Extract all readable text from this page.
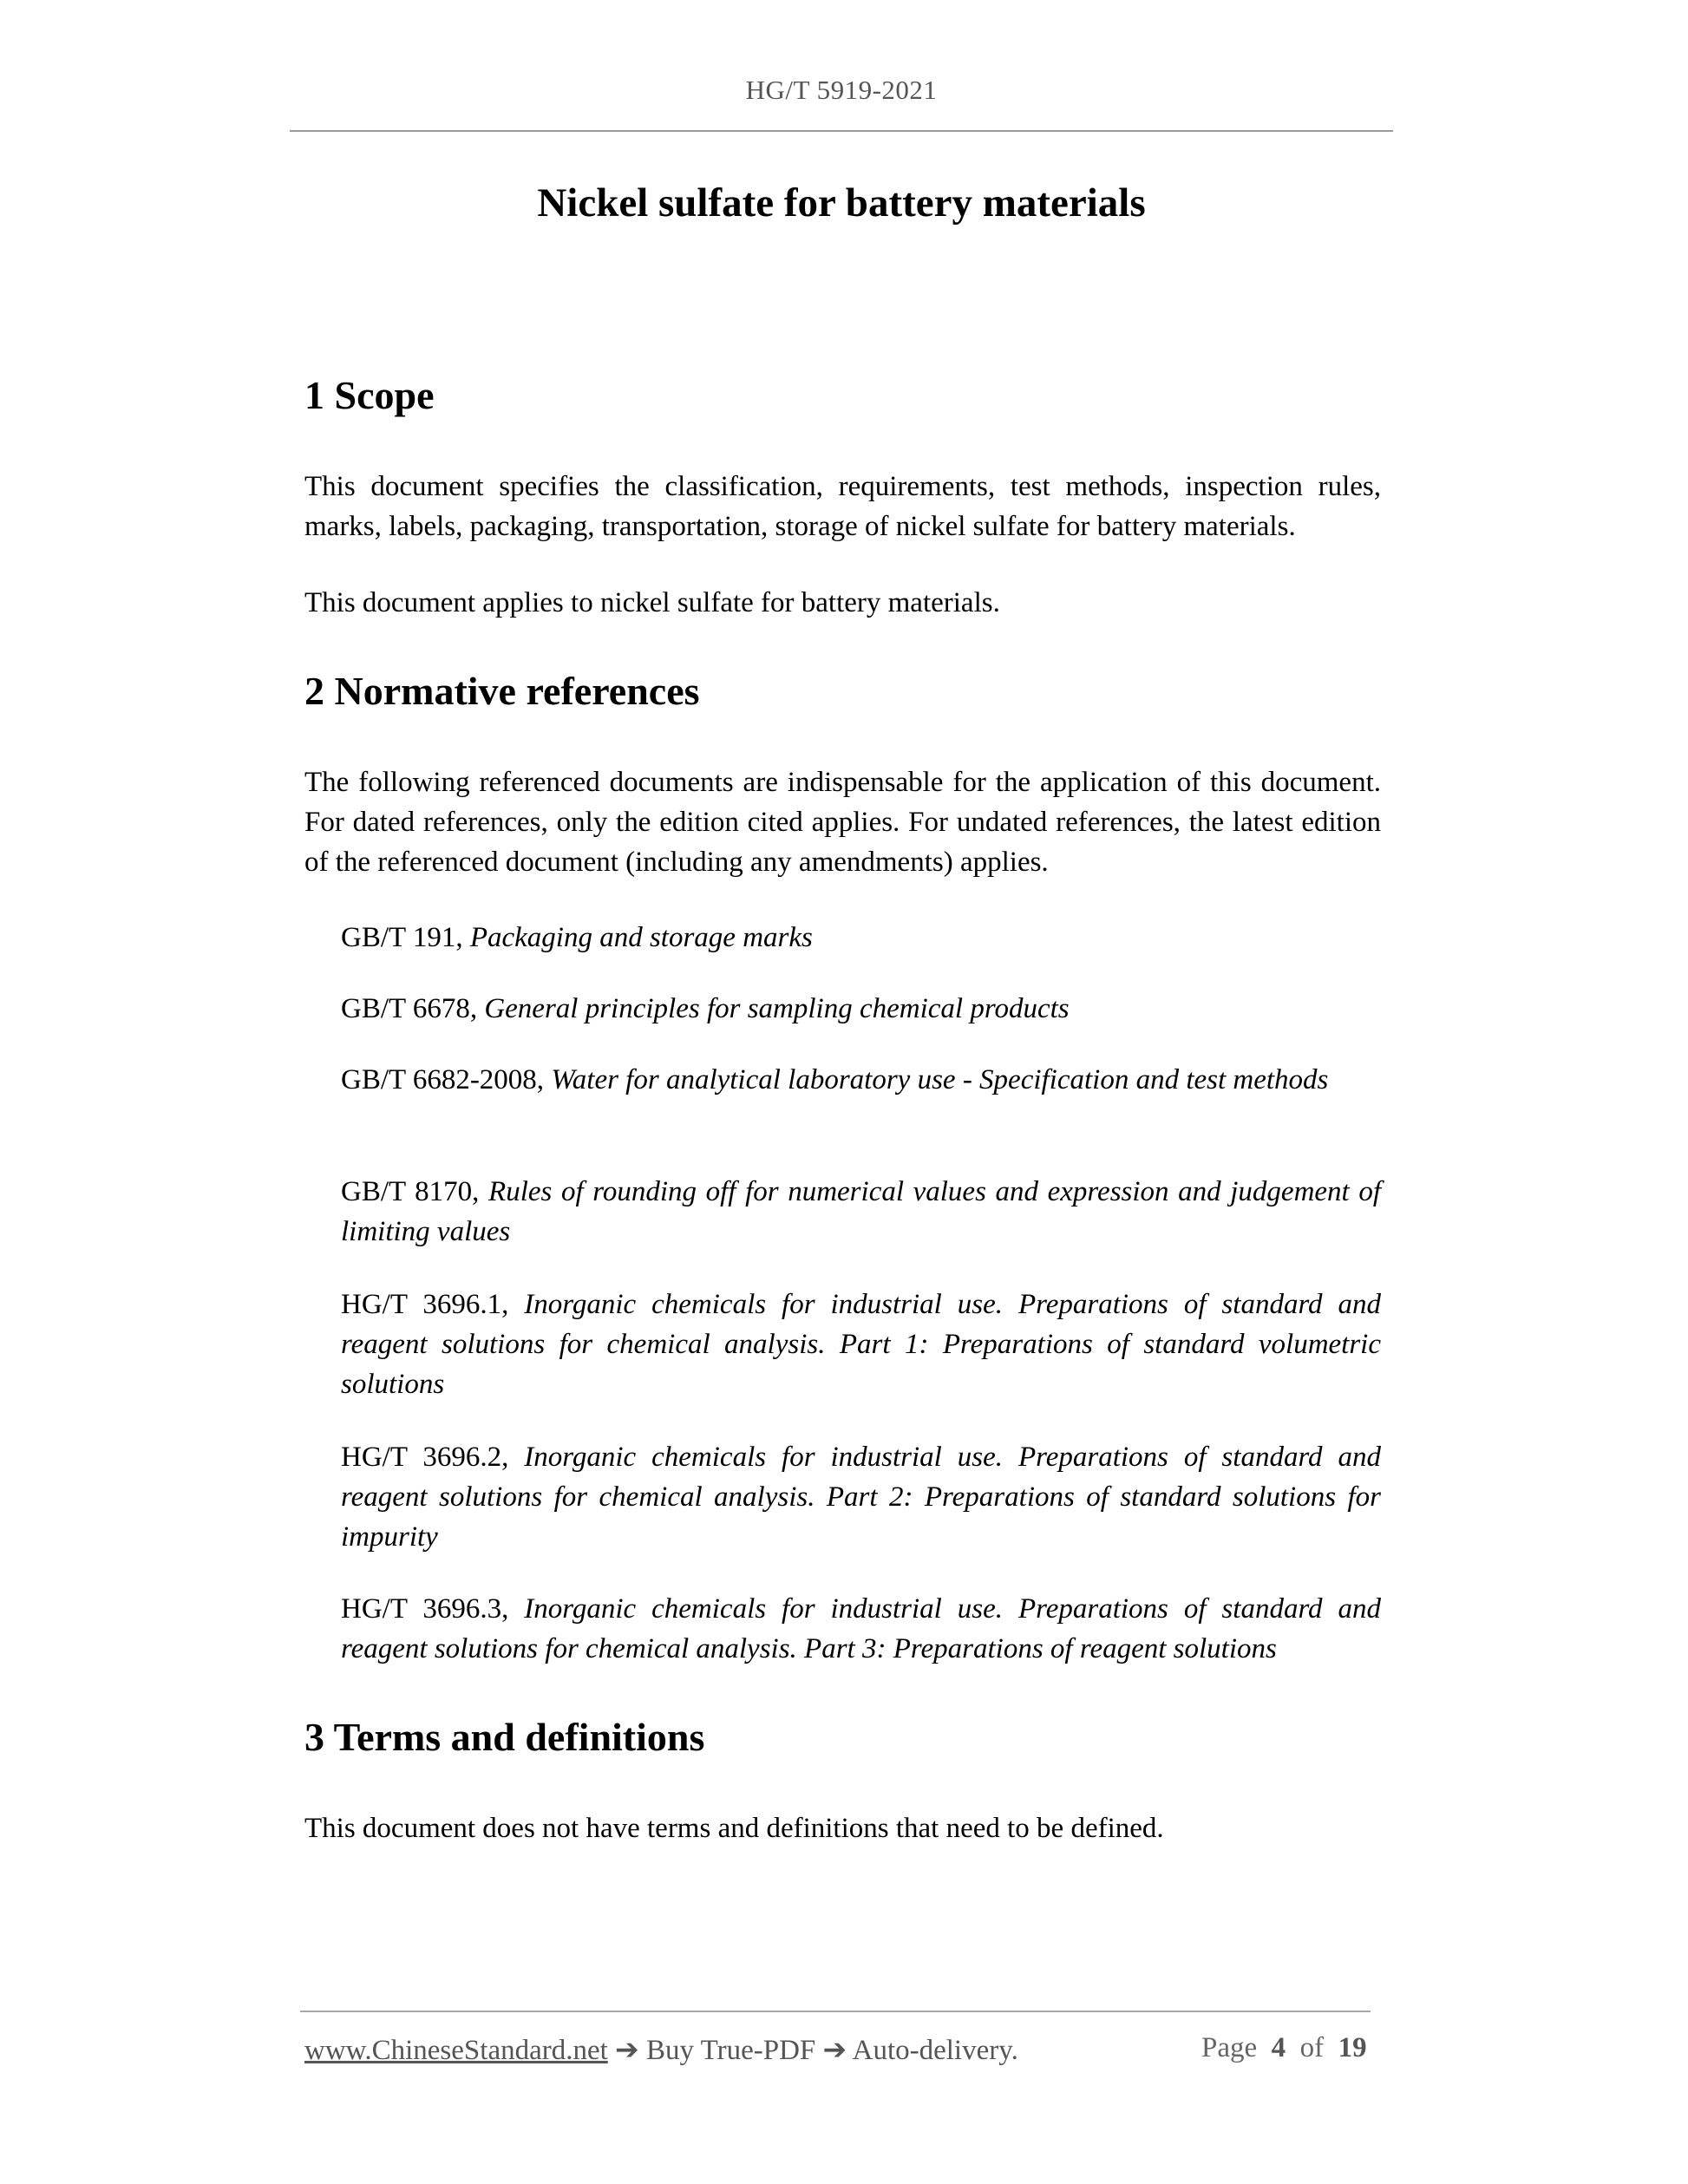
HG/T 5919-2021
Nickel sulfate for battery materials
1 Scope
This document specifies the classification, requirements, test methods, inspection rules, marks, labels, packaging, transportation, storage of nickel sulfate for battery materials.
This document applies to nickel sulfate for battery materials.
2 Normative references
The following referenced documents are indispensable for the application of this document. For dated references, only the edition cited applies. For undated references, the latest edition of the referenced document (including any amendments) applies.
GB/T 191, Packaging and storage marks
GB/T 6678, General principles for sampling chemical products
GB/T 6682-2008, Water for analytical laboratory use - Specification and test methods
GB/T 8170, Rules of rounding off for numerical values and expression and judgement of limiting values
HG/T 3696.1, Inorganic chemicals for industrial use. Preparations of standard and reagent solutions for chemical analysis. Part 1: Preparations of standard volumetric solutions
HG/T 3696.2, Inorganic chemicals for industrial use. Preparations of standard and reagent solutions for chemical analysis. Part 2: Preparations of standard solutions for impurity
HG/T 3696.3, Inorganic chemicals for industrial use. Preparations of standard and reagent solutions for chemical analysis. Part 3: Preparations of reagent solutions
3 Terms and definitions
This document does not have terms and definitions that need to be defined.
www.ChineseStandard.net ➔ Buy True-PDF ➔ Auto-delivery.	Page 4 of 19
